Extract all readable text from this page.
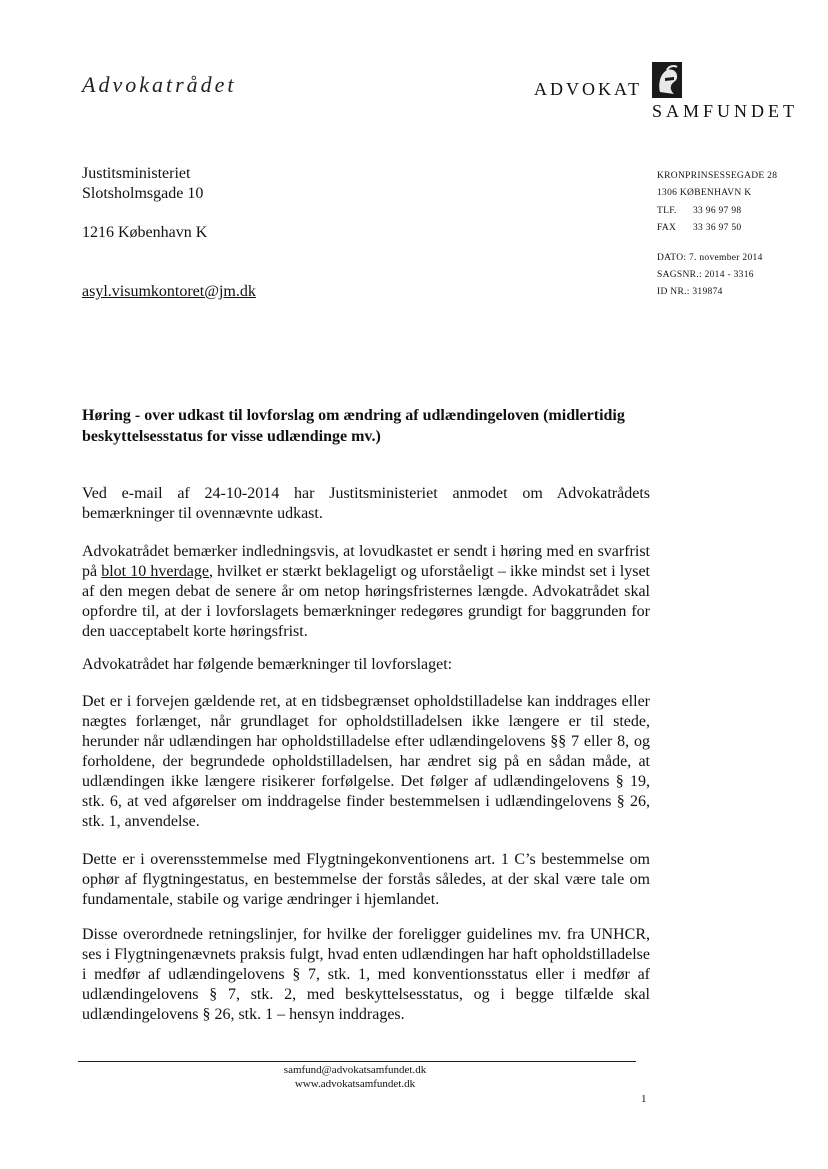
Advokatrådet	ADVOKAT
SAMFUNDET
Justitsministeriet
Slotsholmsgade 10
1216 København K
asyl.visumkontoret@jm.dk
KRONPRINSESSEGADE 28
1306 KØBENHAVN K
TLF. 33 96 97 98
FAX 33 36 97 50
DATO: 7. november 2014
SAGSNR.: 2014 - 3316
ID NR.: 319874
Høring - over udkast til lovforslag om ændring af udlændingeloven (midlertidig beskyttelsesstatus for visse udlændinge mv.)
Ved e-mail af 24-10-2014 har Justitsministeriet anmodet om Advokatrådets bemærkninger til ovennævnte udkast.
Advokatrådet bemærker indledningsvis, at lovudkastet er sendt i høring med en svarfrist på blot 10 hverdage, hvilket er stærkt beklageligt og uforståeligt – ikke mindst set i lyset af den megen debat de senere år om netop høringsfristernes længde. Advokatrådet skal opfordre til, at der i lovforslagets bemærkninger redegøres grundigt for baggrunden for den uacceptabelt korte høringsfrist.
Advokatrådet har følgende bemærkninger til lovforslaget:
Det er i forvejen gældende ret, at en tidsbegrænset opholdstilladelse kan inddrages eller nægtes forlænget, når grundlaget for opholdstilladelsen ikke længere er til stede, herunder når udlændingen har opholdstilladelse efter udlændingelovens §§ 7 eller 8, og forholdene, der begrundede opholdstilladelsen, har ændret sig på en sådan måde, at udlændingen ikke længere risikerer forfølgelse. Det følger af udlændingelovens § 19, stk. 6, at ved afgørelser om inddragelse finder bestemmelsen i udlændingelovens § 26, stk. 1, anvendelse.
Dette er i overensstemmelse med Flygtningekonventionens art. 1 C’s bestemmelse om ophør af flygtningestatus, en bestemmelse der forstås således, at der skal være tale om fundamentale, stabile og varige ændringer i hjemlandet.
Disse overordnede retningslinjer, for hvilke der foreligger guidelines mv. fra UNHCR, ses i Flygtningenævnets praksis fulgt, hvad enten udlændingen har haft opholdstilladelse i medfør af udlændingelovens § 7, stk. 1, med konventionsstatus eller i medfør af udlændingelovens § 7, stk. 2, med beskyttelsesstatus, og i begge tilfælde skal udlændingelovens § 26, stk. 1 – hensyn inddrages.
samfund@advokatsamfundet.dk
www.advokatsamfundet.dk
1
